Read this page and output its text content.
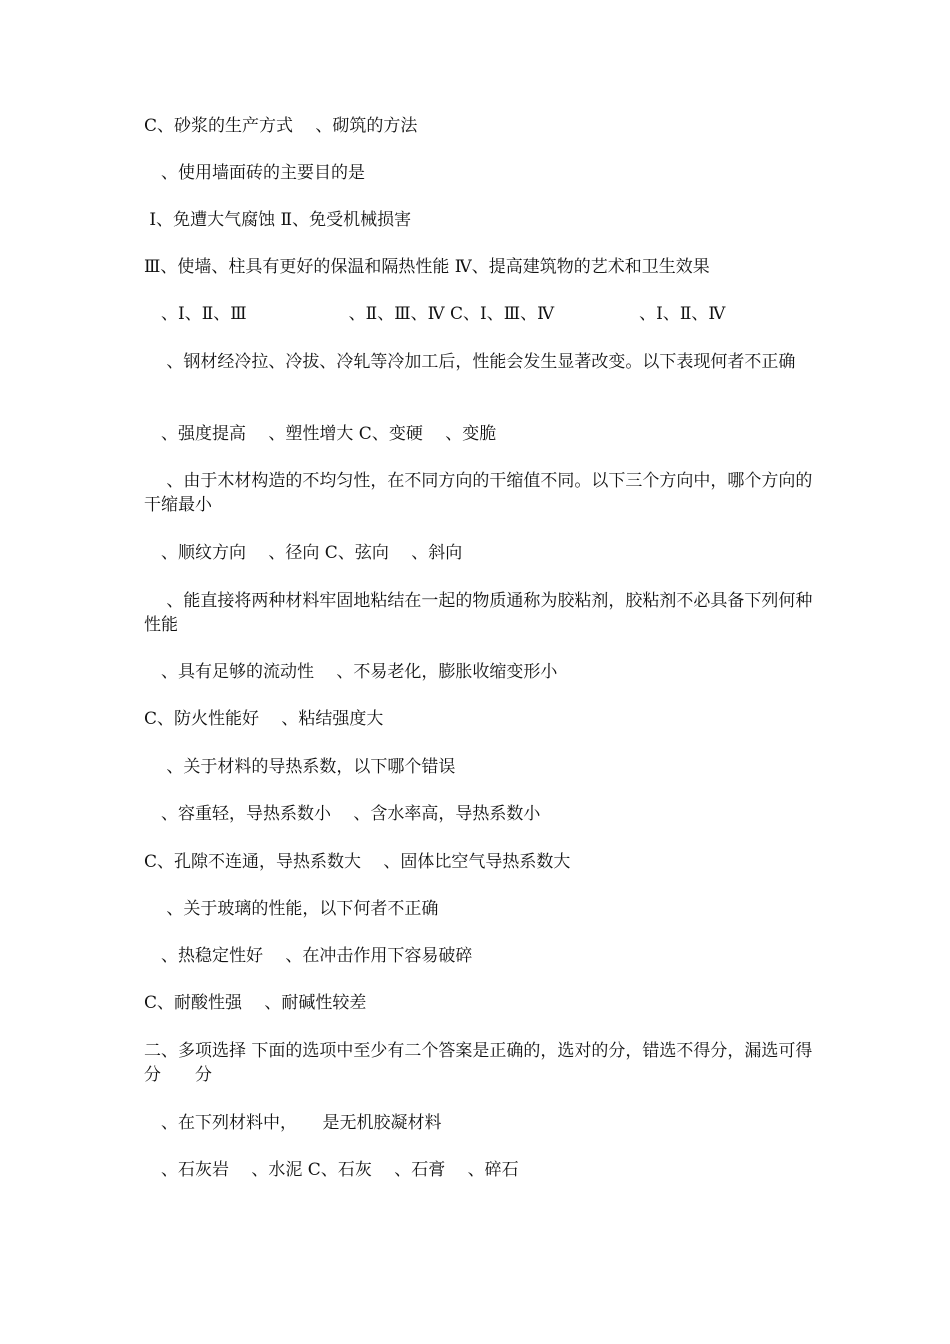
C、砂浆的生产方式　 、砌筑的方法
　、使用墙面砖的主要目的是
Ⅰ、免遭大气腐蚀 Ⅱ、免受机械损害
Ⅲ、使墙、柱具有更好的保温和隔热性能 Ⅳ、提高建筑物的艺术和卫生效果
　、Ⅰ、Ⅱ、Ⅲ　　　　　　、Ⅱ、Ⅲ、Ⅳ C、Ⅰ、Ⅲ、Ⅳ　　　　　、Ⅰ、Ⅱ、Ⅳ
　 、钢材经冷拉、冷拔、冷轧等冷加工后，性能会发生显著改变。以下表现何者不正确
　、强度提高　 、塑性增大 C、变硬　 、变脆
　 、由于木材构造的不均匀性，在不同方向的干缩值不同。以下三个方向中，哪个方向的干缩最小
　、顺纹方向　 、径向 C、弦向　 、斜向
　 、能直接将两种材料牢固地粘结在一起的物质通称为胶粘剂，胶粘剂不必具备下列何种性能
　、具有足够的流动性　 、不易老化，膨胀收缩变形小
C、防火性能好　 、粘结强度大
　 、关于材料的导热系数，以下哪个错误
　、容重轻，导热系数小　 、含水率高，导热系数小
C、孔隙不连通，导热系数大　 、固体比空气导热系数大
　 、关于玻璃的性能，以下何者不正确
　、热稳定性好　 、在冲击作用下容易破碎
C、耐酸性强　 、耐碱性较差
二、多项选择 下面的选项中至少有二个答案是正确的，选对的分，错选不得分，漏选可得分　　分
　、在下列材料中，　　是无机胶凝材料
　、石灰岩　 、水泥 C、石灰　 、石膏　 、碎石
